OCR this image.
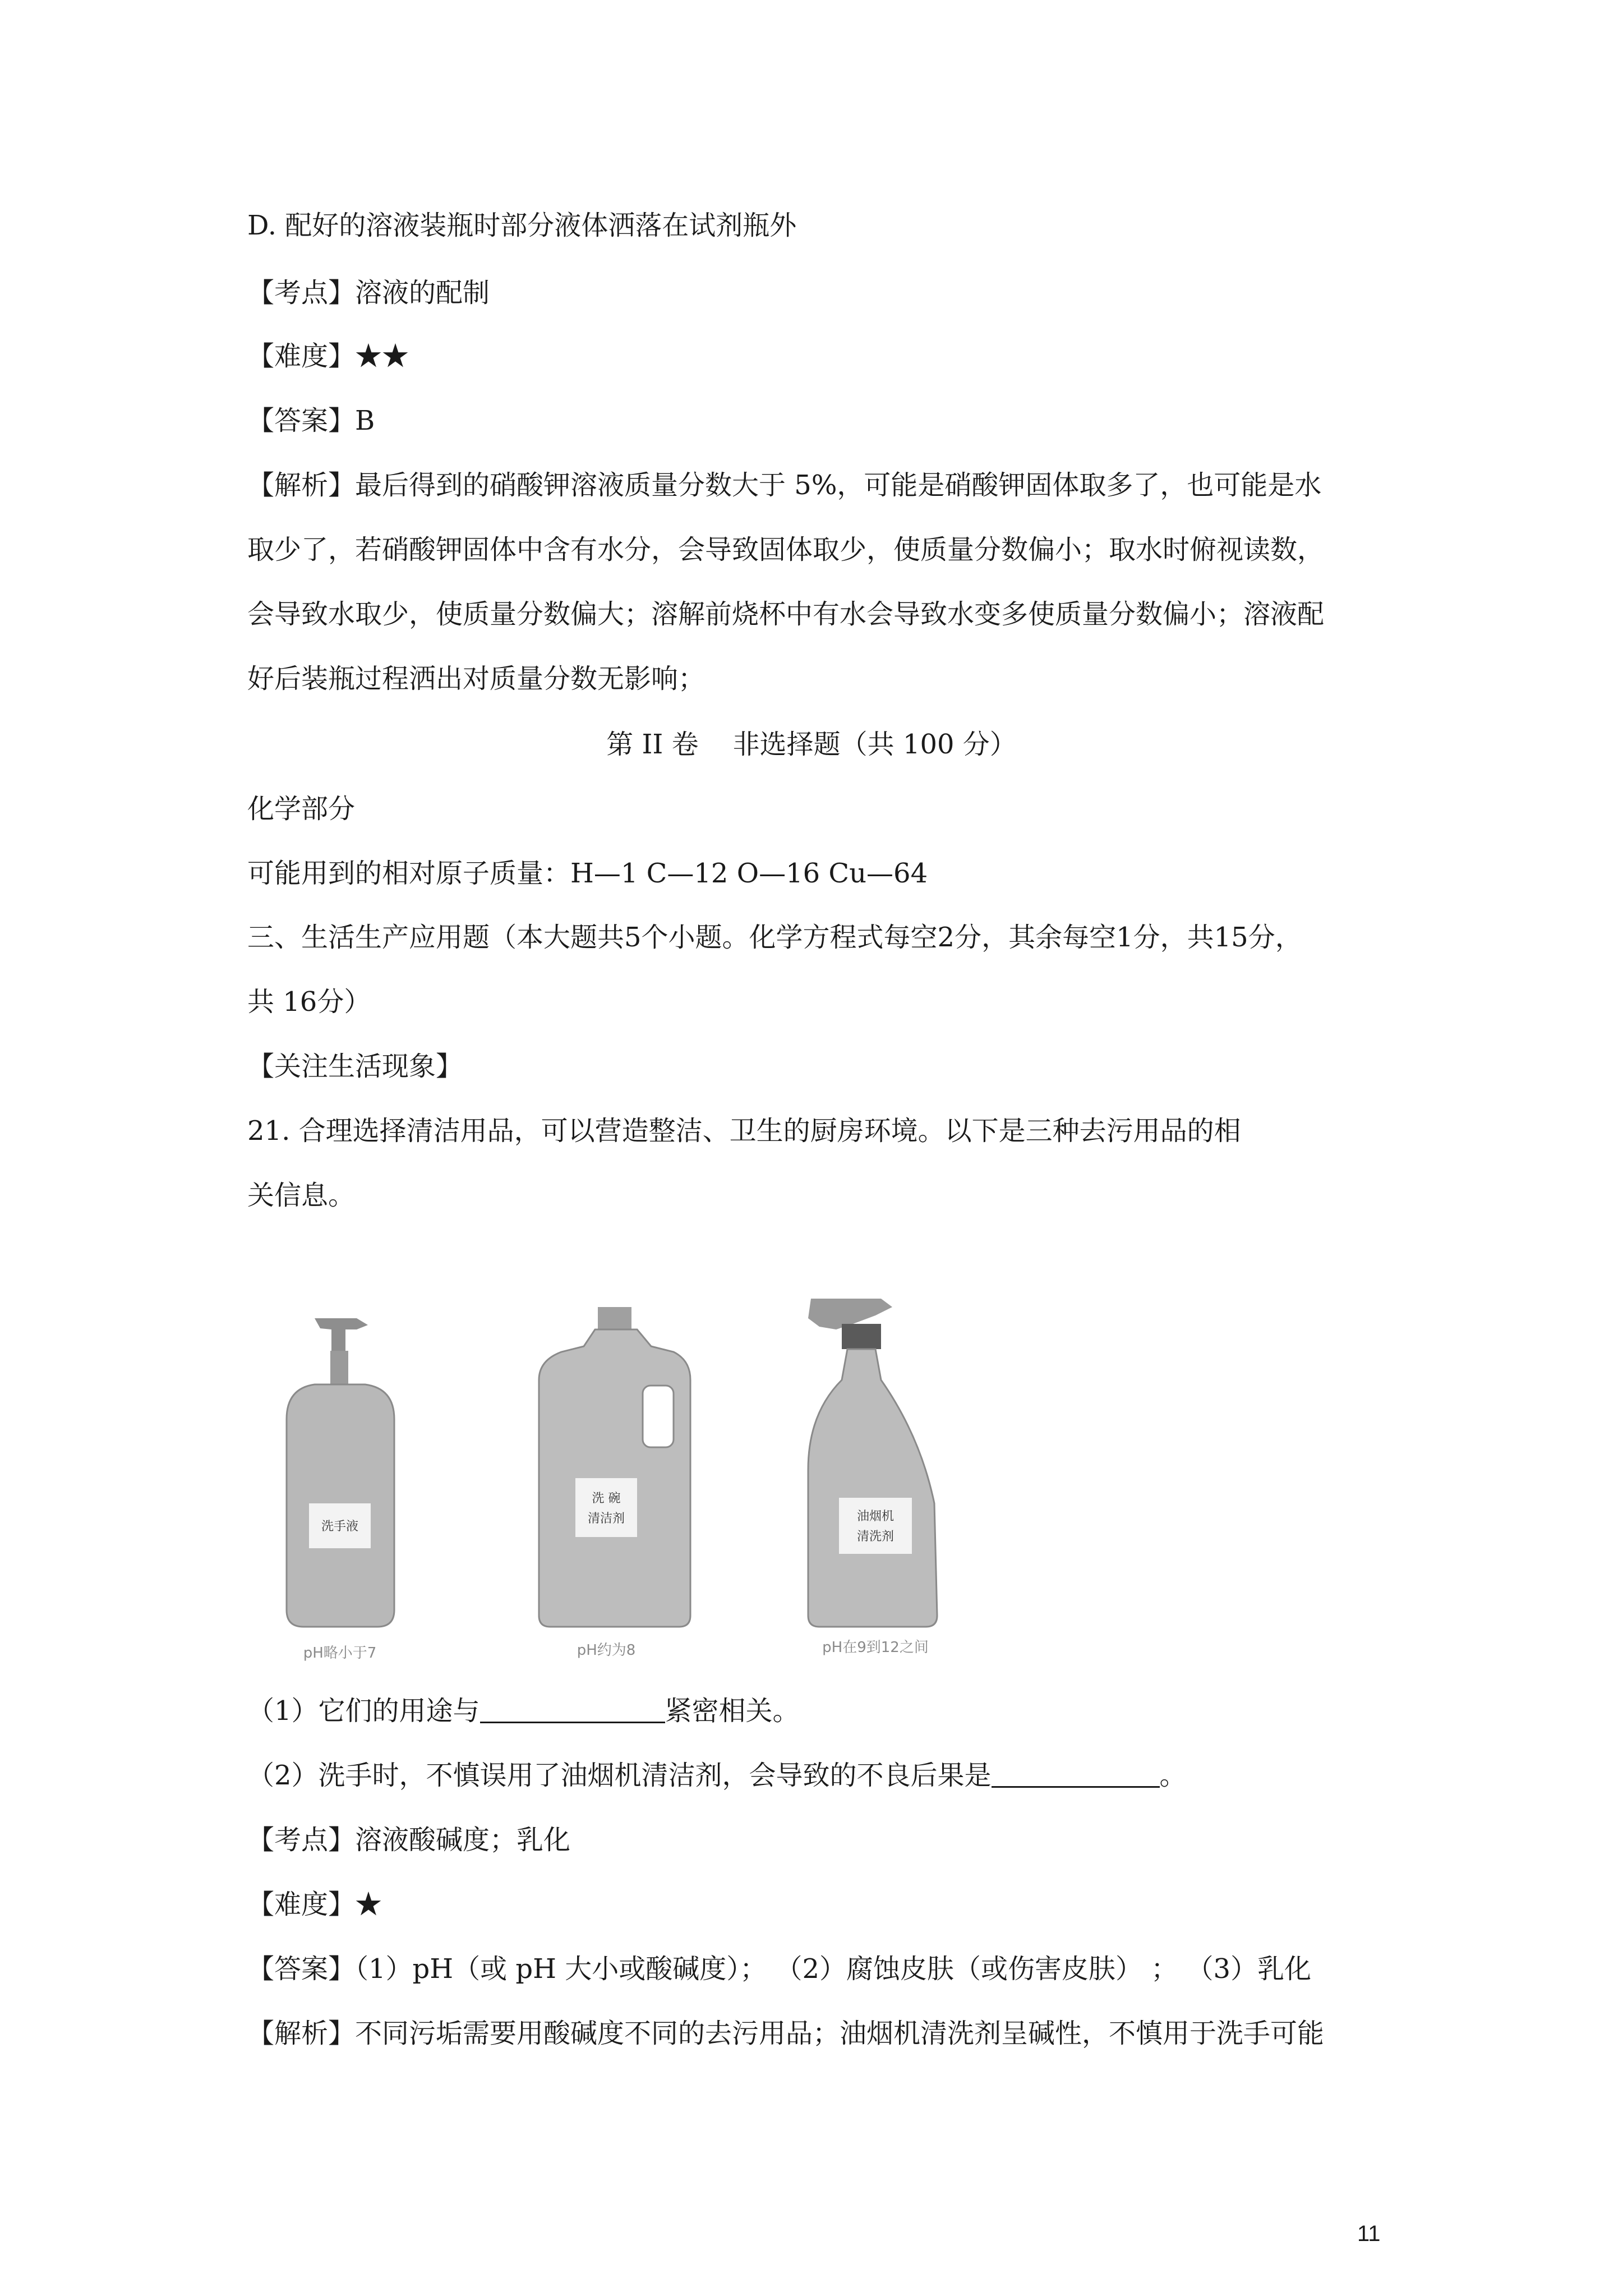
D. 配好的溶液装瓶时部分液体洒落在试剂瓶外
【考点】溶液的配制
【难度】★★
【答案】B
【解析】最后得到的硝酸钾溶液质量分数大于 5%，可能是硝酸钾固体取多了，也可能是水
取少了，若硝酸钾固体中含有水分，会导致固体取少，使质量分数偏小；取水时俯视读数，
会导致水取少，使质量分数偏大；溶解前烧杯中有水会导致水变多使质量分数偏小；溶液配
好后装瓶过程洒出对质量分数无影响；
第 II 卷    非选择题（共 100 分）
化学部分
可能用到的相对原子质量：H—1 C—12 O—16 Cu—64
三、生活生产应用题（本大题共5个小题。化学方程式每空2分，其余每空1分，共15分，
共 16分）
【关注生活现象】
21. 合理选择清洁用品，可以营造整洁、卫生的厨房环境。以下是三种去污用品的相
关信息。
洗手液
pH略小于7
洗 碗
清洁剂
pH约为8
油烟机
清洗剂
pH在9到12之间
（1）它们的用途与	紧密相关。
（2）洗手时，不慎误用了油烟机清洁剂，会导致的不良后果是	。
【考点】溶液酸碱度；乳化
【难度】★
【答案】（1）pH（或 pH 大小或酸碱度）； （2）腐蚀皮肤（或伤害皮肤） ； （3）乳化
【解析】不同污垢需要用酸碱度不同的去污用品；油烟机清洗剂呈碱性，不慎用于洗手可能
11
